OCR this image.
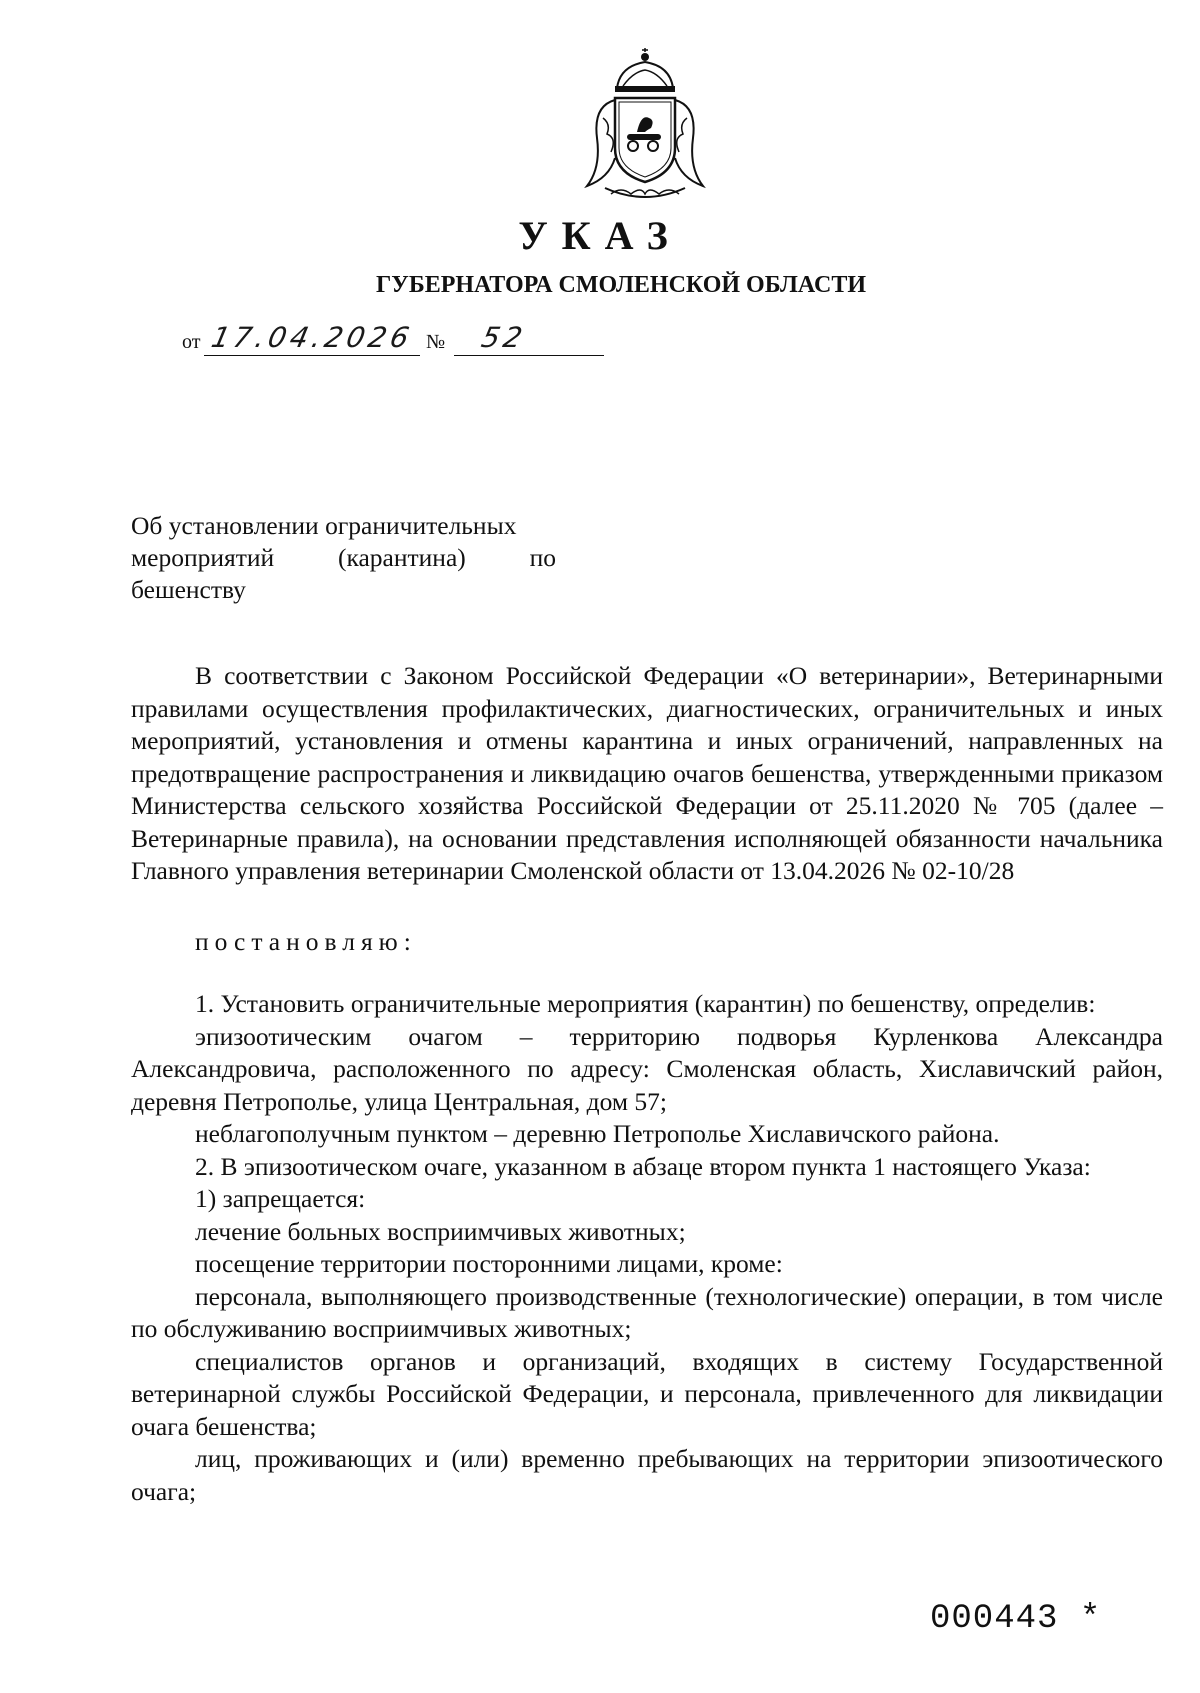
УКАЗ
ГУБЕРНАТОРА СМОЛЕНСКОЙ ОБЛАСТИ
от 17.04.2026 № 52
Об установлении ограничительных
мероприятий (карантина) по
бешенству

В соответствии с Законом Российской Федерации «О ветеринарии», Ветеринарными правилами осуществления профилактических, диагностических, ограничительных и иных мероприятий, установления и отмены карантина и иных ограничений, направленных на предотвращение распространения и ликвидацию очагов бешенства, утвержденными приказом Министерства сельского хозяйства Российской Федерации от 25.11.2020 № 705 (далее – Ветеринарные правила), на основании представления исполняющей обязанности начальника Главного управления ветеринарии Смоленской области от 13.04.2026 № 02-10/28

постановляю:

1. Установить ограничительные мероприятия (карантин) по бешенству, определив:

эпизоотическим очагом – территорию подворья Курленкова Александра Александровича, расположенного по адресу: Смоленская область, Хиславичский район, деревня Петрополье, улица Центральная, дом 57;

неблагополучным пунктом – деревню Петрополье Хиславичского района.

2. В эпизоотическом очаге, указанном в абзаце втором пункта 1 настоящего Указа:

1) запрещается:

лечение больных восприимчивых животных;

посещение территории посторонними лицами, кроме:

персонала, выполняющего производственные (технологические) операции, в том числе по обслуживанию восприимчивых животных;

специалистов органов и организаций, входящих в систему Государственной ветеринарной службы Российской Федерации, и персонала, привлеченного для ликвидации очага бешенства;

лиц, проживающих и (или) временно пребывающих на территории эпизоотического очага;

000443 *
